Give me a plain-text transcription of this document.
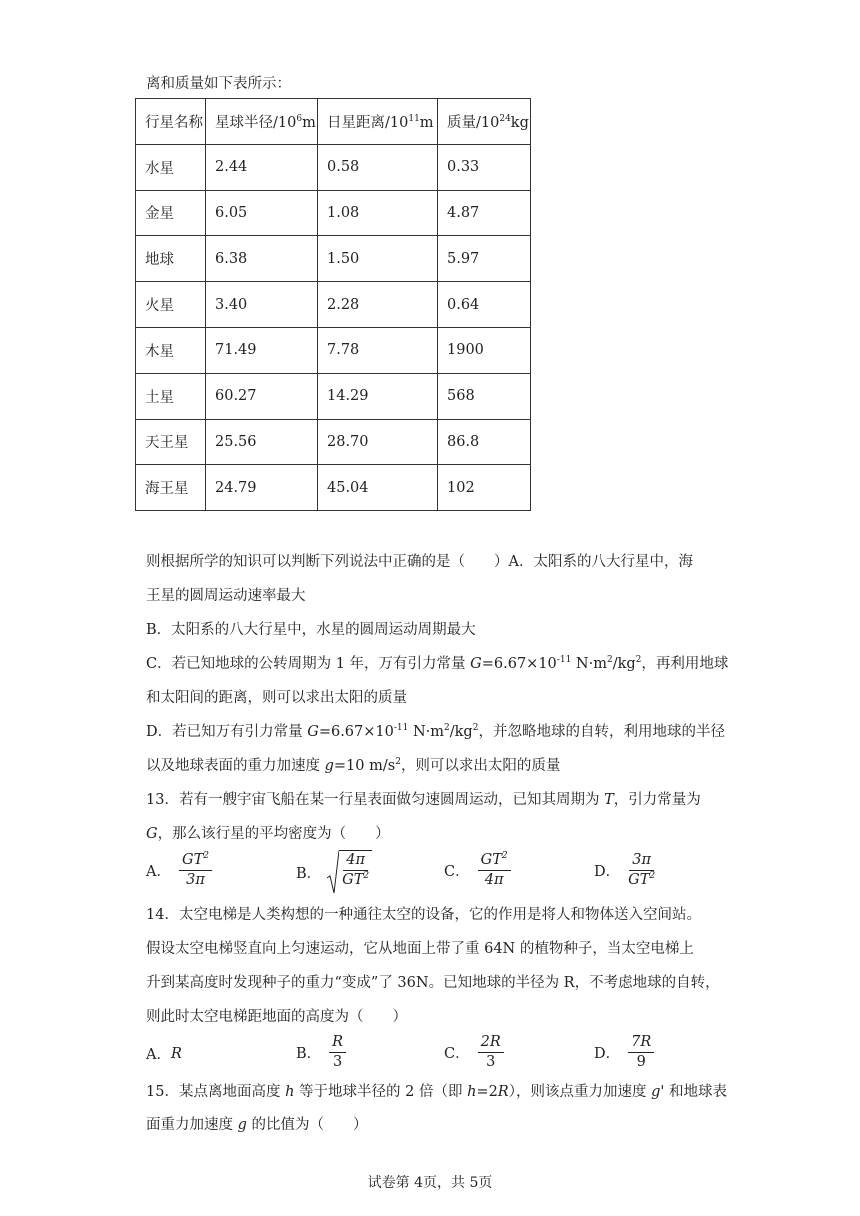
离和质量如下表所示：
行星名称	星球半径$/10^6m$	日星距离$/10^{11}m$	质量$/10^{24}kg$
水星	2.44	0.58	0.33
金星	6.05	1.08	4.87
地球	6.38	1.50	5.97
火星	3.40	2.28	0.64
木星	71.49	7.78	1900
土星	60.27	14.29	568
天王星	25.56	28.70	86.8
海王星	24.79	45.04	102
则根据所学的知识可以判断下列说法中正确的是（　　）A．太阳系的八大行星中，海
王星的圆周运动速率最大
B．太阳系的八大行星中，水星的圆周运动周期最大
C．若已知地球的公转周期为 1 年，万有引力常量 $G=6.67\times 10^{-11}$ $N\cdot m^2/kg^2$，再利用地球
和太阳间的距离，则可以求出太阳的质量
D．若已知万有引力常量 $G=6.67\times 10^{-11}$ $N\cdot m^2/kg^2$，并忽略地球的自转，利用地球的半径
以及地球表面的重力加速度 g=10 $m/s^2$，则可以求出太阳的质量
13．若有一艘宇宙飞船在某一行星表面做匀速圆周运动，已知其周期为 T，引力常量为
G，那么该行星的平均密度为（　　）
A． $\frac{GT^2}{3\pi}$	B． $\frac{4\pi}{GT^2}$	C． $\frac{GT^2}{4\pi}$	D． $\frac{3\pi}{GT^2}$
14．太空电梯是人类构想的一种通往太空的设备，它的作用是将人和物体送入空间站。
假设太空电梯竖直向上匀速运动，它从地面上带了重 64N 的植物种子，当太空电梯上
升到某高度时发现种子的重力“变成”了 36N。已知地球的半径为 R，不考虑地球的自转，
则此时太空电梯距地面的高度为（　　）
A． R	B． $\frac{R}{3}$	C． $\frac{2R}{3}$	D． $\frac{7R}{9}$
15．某点离地面高度 h 等于地球半径的 2 倍（即 h=2R），则该点重力加速度 g' 和地球表
面重力加速度 g 的比值为（　　）
试卷第 4页，共 5页
